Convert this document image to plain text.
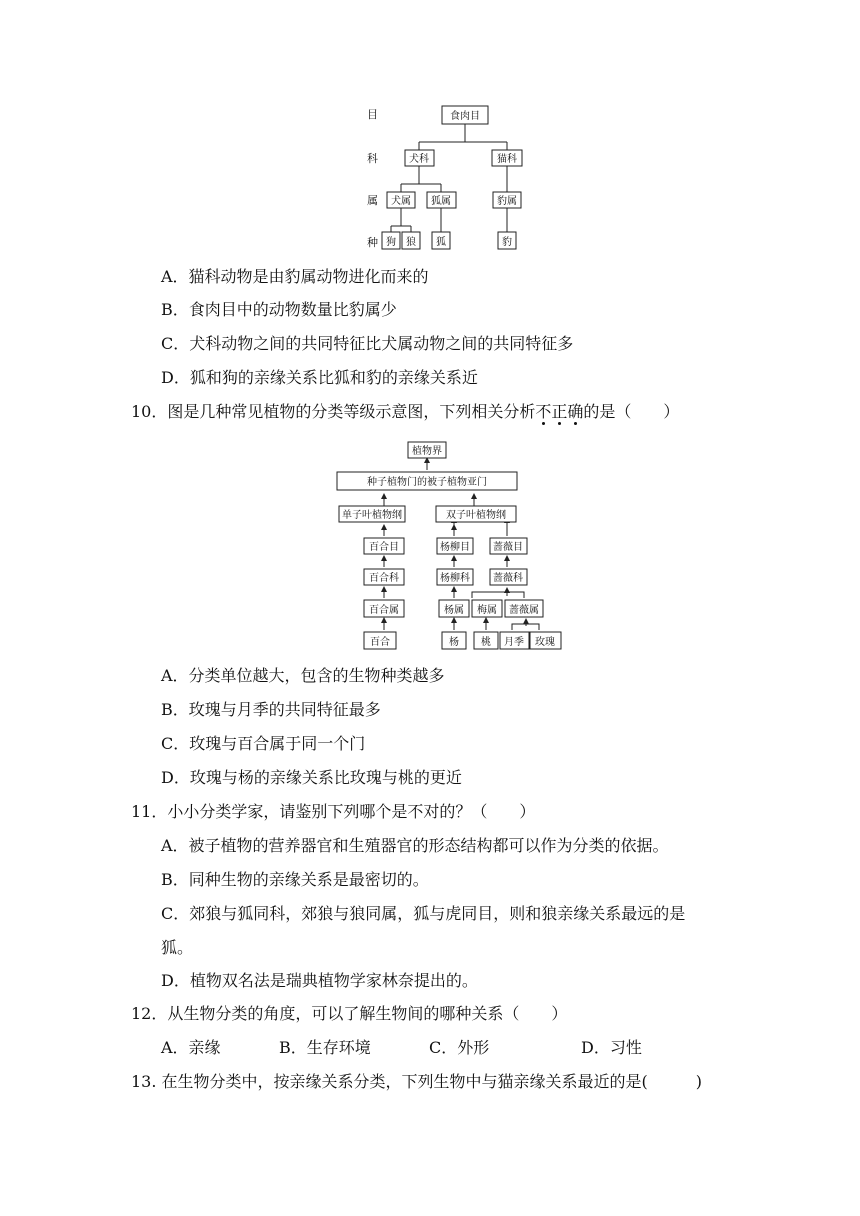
目
科
属
种
食肉目
犬科	猫科
犬属 狐属	豹属
狗 狼 狐	豹
A．猫科动物是由豹属动物进化而来的
B．食肉目中的动物数量比豹属少
C．犬科动物之间的共同特征比犬属动物之间的共同特征多
D．狐和狗的亲缘关系比狐和豹的亲缘关系近
10．图是几种常见植物的分类等级示意图，下列相关分析不正确的是（　　）
植物界
种子植物门的被子植物亚门
单子叶植物纲	双子叶植物纲
百合目	杨柳目 蔷薇目
百合科	杨柳科 蔷薇科
百合属	杨属 梅属 蔷薇属
百合	杨 桃 月季 玫瑰
A．分类单位越大，包含的生物种类越多
B．玫瑰与月季的共同特征最多
C．玫瑰与百合属于同一个门
D．玫瑰与杨的亲缘关系比玫瑰与桃的更近
11．小小分类学家，请鉴别下列哪个是不对的？（　　）
A．被子植物的营养器官和生殖器官的形态结构都可以作为分类的依据。
B．同种生物的亲缘关系是最密切的。
C．郊狼与狐同科，郊狼与狼同属，狐与虎同目，则和狼亲缘关系最远的是
狐。
D．植物双名法是瑞典植物学家林奈提出的。
12．从生物分类的角度，可以了解生物间的哪种关系（　　）
A．亲缘	B．生存环境	C．外形	D．习性
13. 在生物分类中，按亲缘关系分类，下列生物中与猫亲缘关系最近的是(　　　)
